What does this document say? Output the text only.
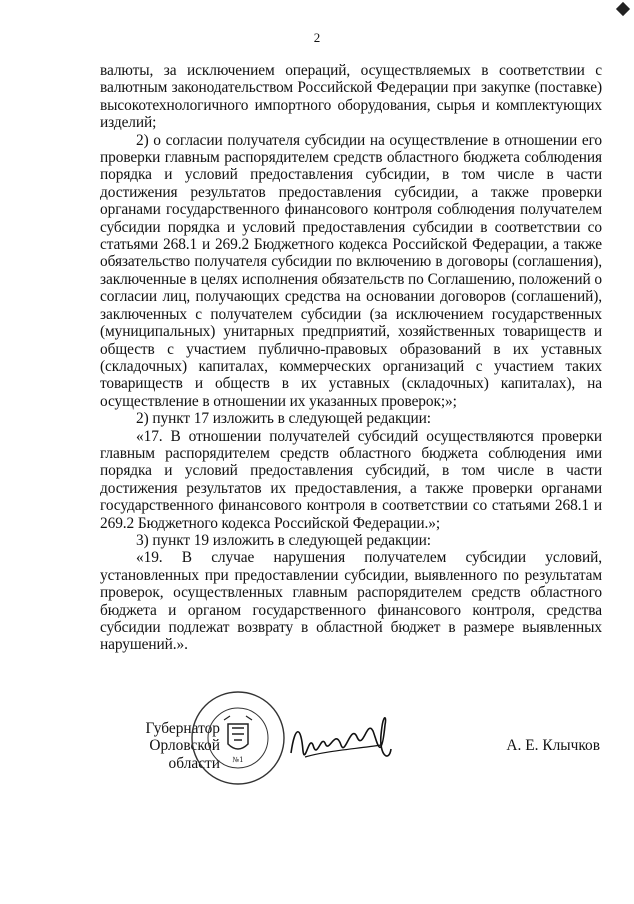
2

валюты, за исключением операций, осуществляемых в соответствии с валютным законодательством Российской Федерации при закупке (поставке) высокотехнологичного импортного оборудования, сырья и комплектующих изделий;

2) о согласии получателя субсидии на осуществление в отношении его проверки главным распорядителем средств областного бюджета соблюдения порядка и условий предоставления субсидии, в том числе в части достижения результатов предоставления субсидии, а также проверки органами государственного финансового контроля соблюдения получателем субсидии порядка и условий предоставления субсидии в соответствии со статьями 268.1 и 269.2 Бюджетного кодекса Российской Федерации, а также обязательство получателя субсидии по включению в договоры (соглашения), заключенные в целях исполнения обязательств по Соглашению, положений о согласии лиц, получающих средства на основании договоров (соглашений), заключенных с получателем субсидии (за исключением государственных (муниципальных) унитарных предприятий, хозяйственных товариществ и обществ с участием публично-правовых образований в их уставных (складочных) капиталах, коммерческих организаций с участием таких товариществ и обществ в их уставных (складочных) капиталах), на осуществление в отношении их указанных проверок;»;

2) пункт 17 изложить в следующей редакции:

«17. В отношении получателей субсидий осуществляются проверки главным распорядителем средств областного бюджета соблюдения ими порядка и условий предоставления субсидий, в том числе в части достижения результатов их предоставления, а также проверки органами государственного финансового контроля в соответствии со статьями 268.1 и 269.2 Бюджетного кодекса Российской Федерации.»;

3) пункт 19 изложить в следующей редакции:

«19. В случае нарушения получателем субсидии условий, установленных при предоставлении субсидии, выявленного по результатам проверок, осуществленных главным распорядителем средств областного бюджета и органом государственного финансового контроля, средства субсидии подлежат возврату в областной бюджет в размере выявленных нарушений.».

Губернатор
Орловской области №1
А. Е. Клычков
